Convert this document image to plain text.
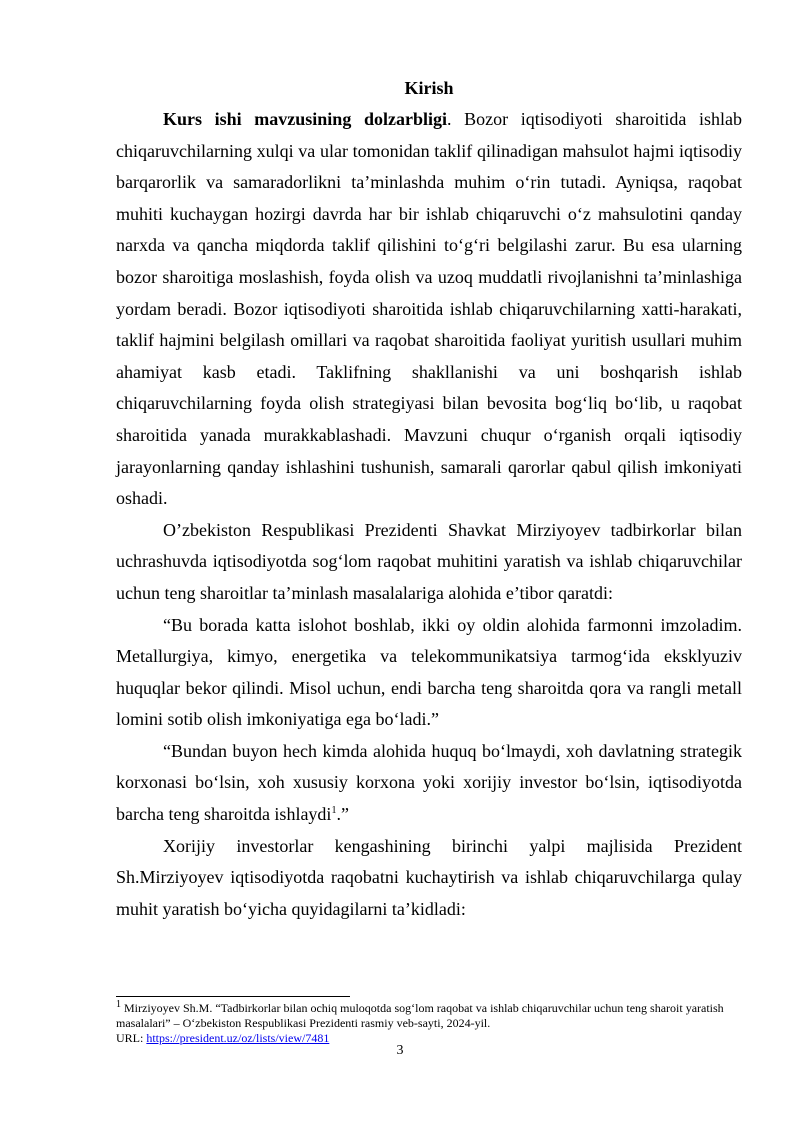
Kirish

Kurs ishi mavzusining dolzarbligi. Bozor iqtisodiyoti sharoitida ishlab chiqaruvchilarning xulqi va ular tomonidan taklif qilinadigan mahsulot hajmi iqtisodiy barqarorlik va samaradorlikni ta’minlashda muhim o‘rin tutadi. Ayniqsa, raqobat muhiti kuchaygan hozirgi davrda har bir ishlab chiqaruvchi o‘z mahsulotini qanday narxda va qancha miqdorda taklif qilishini to‘g‘ri belgilashi zarur. Bu esa ularning bozor sharoitiga moslashish, foyda olish va uzoq muddatli rivojlanishni ta’minlashiga yordam beradi. Bozor iqtisodiyoti sharoitida ishlab chiqaruvchilarning xatti-harakati, taklif hajmini belgilash omillari va raqobat sharoitida faoliyat yuritish usullari muhim ahamiyat kasb etadi. Taklifning shakllanishi va uni boshqarish ishlab chiqaruvchilarning foyda olish strategiyasi bilan bevosita bog‘liq bo‘lib, u raqobat sharoitida yanada murakkablashadi. Mavzuni chuqur o‘rganish orqali iqtisodiy jarayonlarning qanday ishlashini tushunish, samarali qarorlar qabul qilish imkoniyati oshadi.

O’zbekiston Respublikasi Prezidenti Shavkat Mirziyoyev tadbirkorlar bilan uchrashuvda iqtisodiyotda sog‘lom raqobat muhitini yaratish va ishlab chiqaruvchilar uchun teng sharoitlar ta’minlash masalalariga alohida e’tibor qaratdi:

“Bu borada katta islohot boshlab, ikki oy oldin alohida farmonni imzoladim. Metallurgiya, kimyo, energetika va telekommunikatsiya tarmog‘ida eksklyuziv huquqlar bekor qilindi. Misol uchun, endi barcha teng sharoitda qora va rangli metall lomini sotib olish imkoniyatiga ega bo‘ladi.”

“Bundan buyon hech kimda alohida huquq bo‘lmaydi, xoh davlatning strategik korxonasi bo‘lsin, xoh xususiy korxona yoki xorijiy investor bo‘lsin, iqtisodiyotda barcha teng sharoitda ishlaydi$^1$.”

Xorijiy investorlar kengashining birinchi yalpi majlisida Prezident Sh.Mirziyoyev iqtisodiyotda raqobatni kuchaytirish va ishlab chiqaruvchilarga qulay muhit yaratish bo‘yicha quyidagilarni ta’kidladi:

$^1$ Mirziyoyev Sh.M. “Tadbirkorlar bilan ochiq muloqotda sog‘lom raqobat va ishlab chiqaruvchilar uchun teng sharoit yaratish masalalari” – O‘zbekiston Respublikasi Prezidenti rasmiy veb-sayti, 2024-yil.

URL: https://president.uz/oz/lists/view/7481

3
